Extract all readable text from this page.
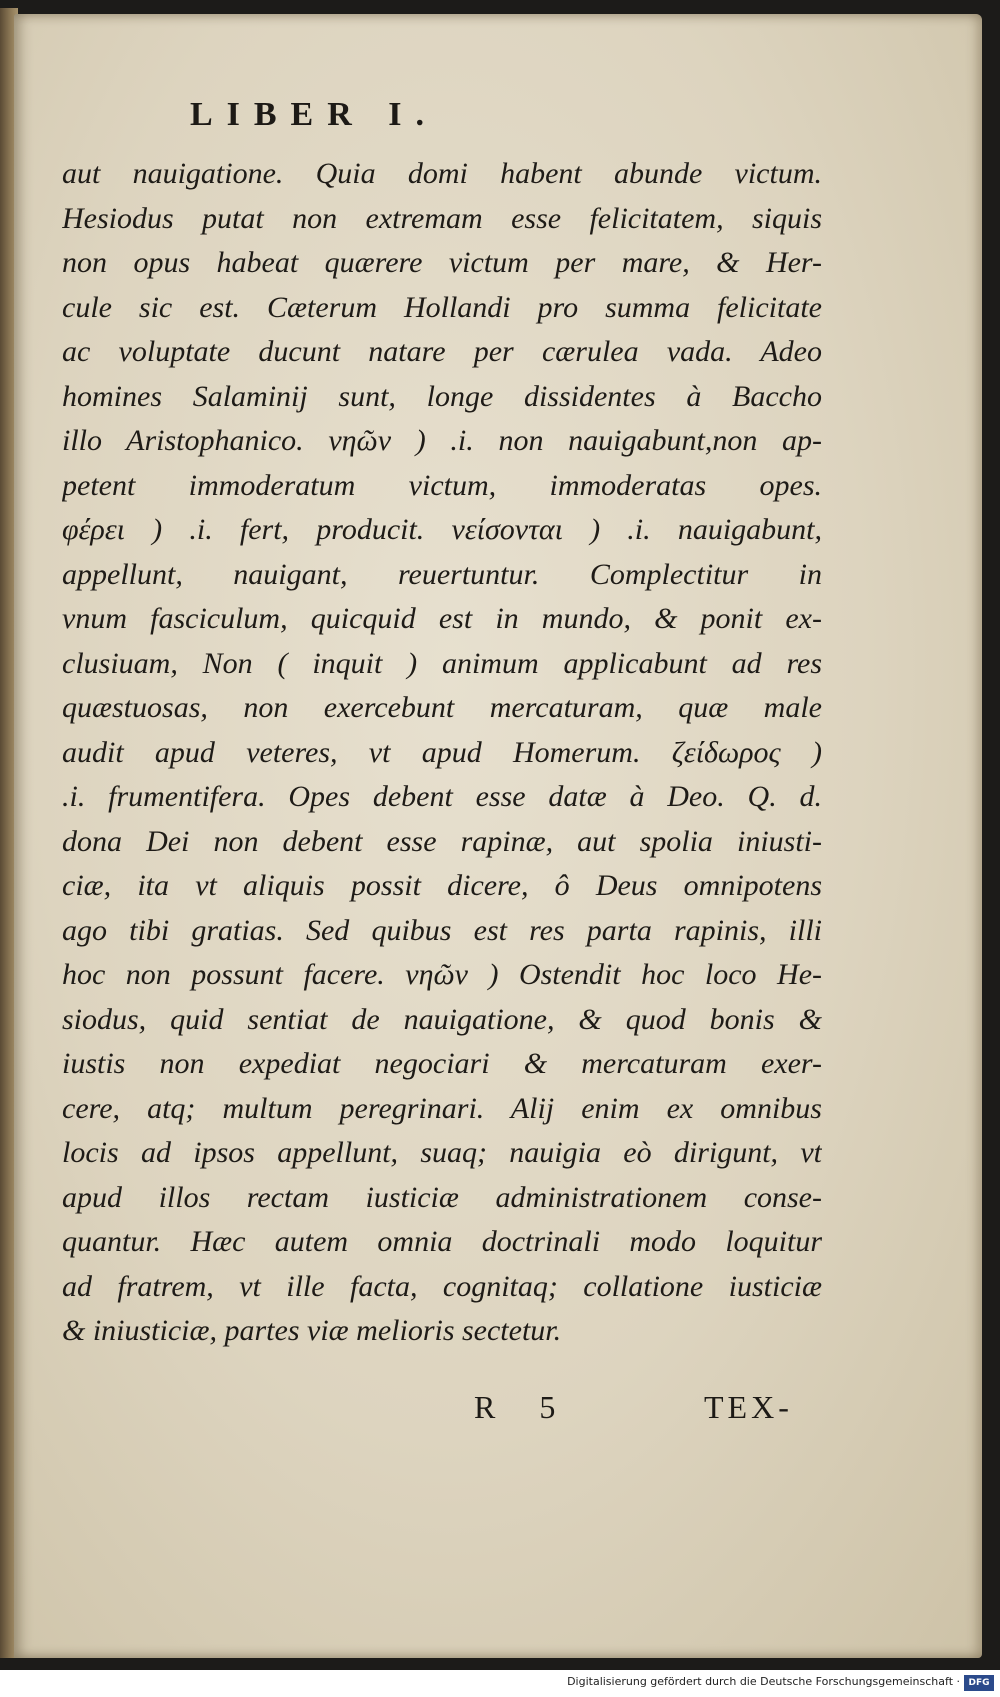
LIBER I.
aut nauigatione. Quia domi habent abunde victum.
Hesiodus putat non extremam esse felicitatem, siquis
non opus habeat quærere victum per mare, & Her-
cule sic est. Cæterum Hollandi pro summa felicitate
ac voluptate ducunt natare per cærulea vada. Adeo
homines Salaminij sunt, longe dissidentes à Baccho
illo Aristophanico. νηῶν ) .i. non nauigabunt,non ap-
petent immoderatum victum, immoderatas opes.
φέρει ) .i. fert, producit. νείσονται ) .i. nauigabunt,
appellunt, nauigant, reuertuntur. Complectitur in
vnum fasciculum, quicquid est in mundo, & ponit ex-
clusiuam, Non ( inquit ) animum applicabunt ad res
quæstuosas, non exercebunt mercaturam, quæ male
audit apud veteres, vt apud Homerum. ζείδωρος )
.i. frumentifera. Opes debent esse datæ à Deo. Q. d.
dona Dei non debent esse rapinæ, aut spolia iniusti-
ciæ, ita vt aliquis possit dicere, ô Deus omnipotens
ago tibi gratias. Sed quibus est res parta rapinis, illi
hoc non possunt facere. νηῶν ) Ostendit hoc loco He-
siodus, quid sentiat de nauigatione, & quod bonis &
iustis non expediat negociari & mercaturam exer-
cere, atq; multum peregrinari. Alij enim ex omnibus
locis ad ipsos appellunt, suaq; nauigia eò dirigunt, vt
apud illos rectam iusticiæ administrationem conse-
quantur. Hæc autem omnia doctrinali modo loquitur
ad fratrem, vt ille facta, cognitaq; collatione iusticiæ
& iniusticiæ, partes viæ melioris sectetur.
R 5	TEX-
Digitalisierung gefördert durch die Deutsche Forschungsgemeinschaft · DFG
